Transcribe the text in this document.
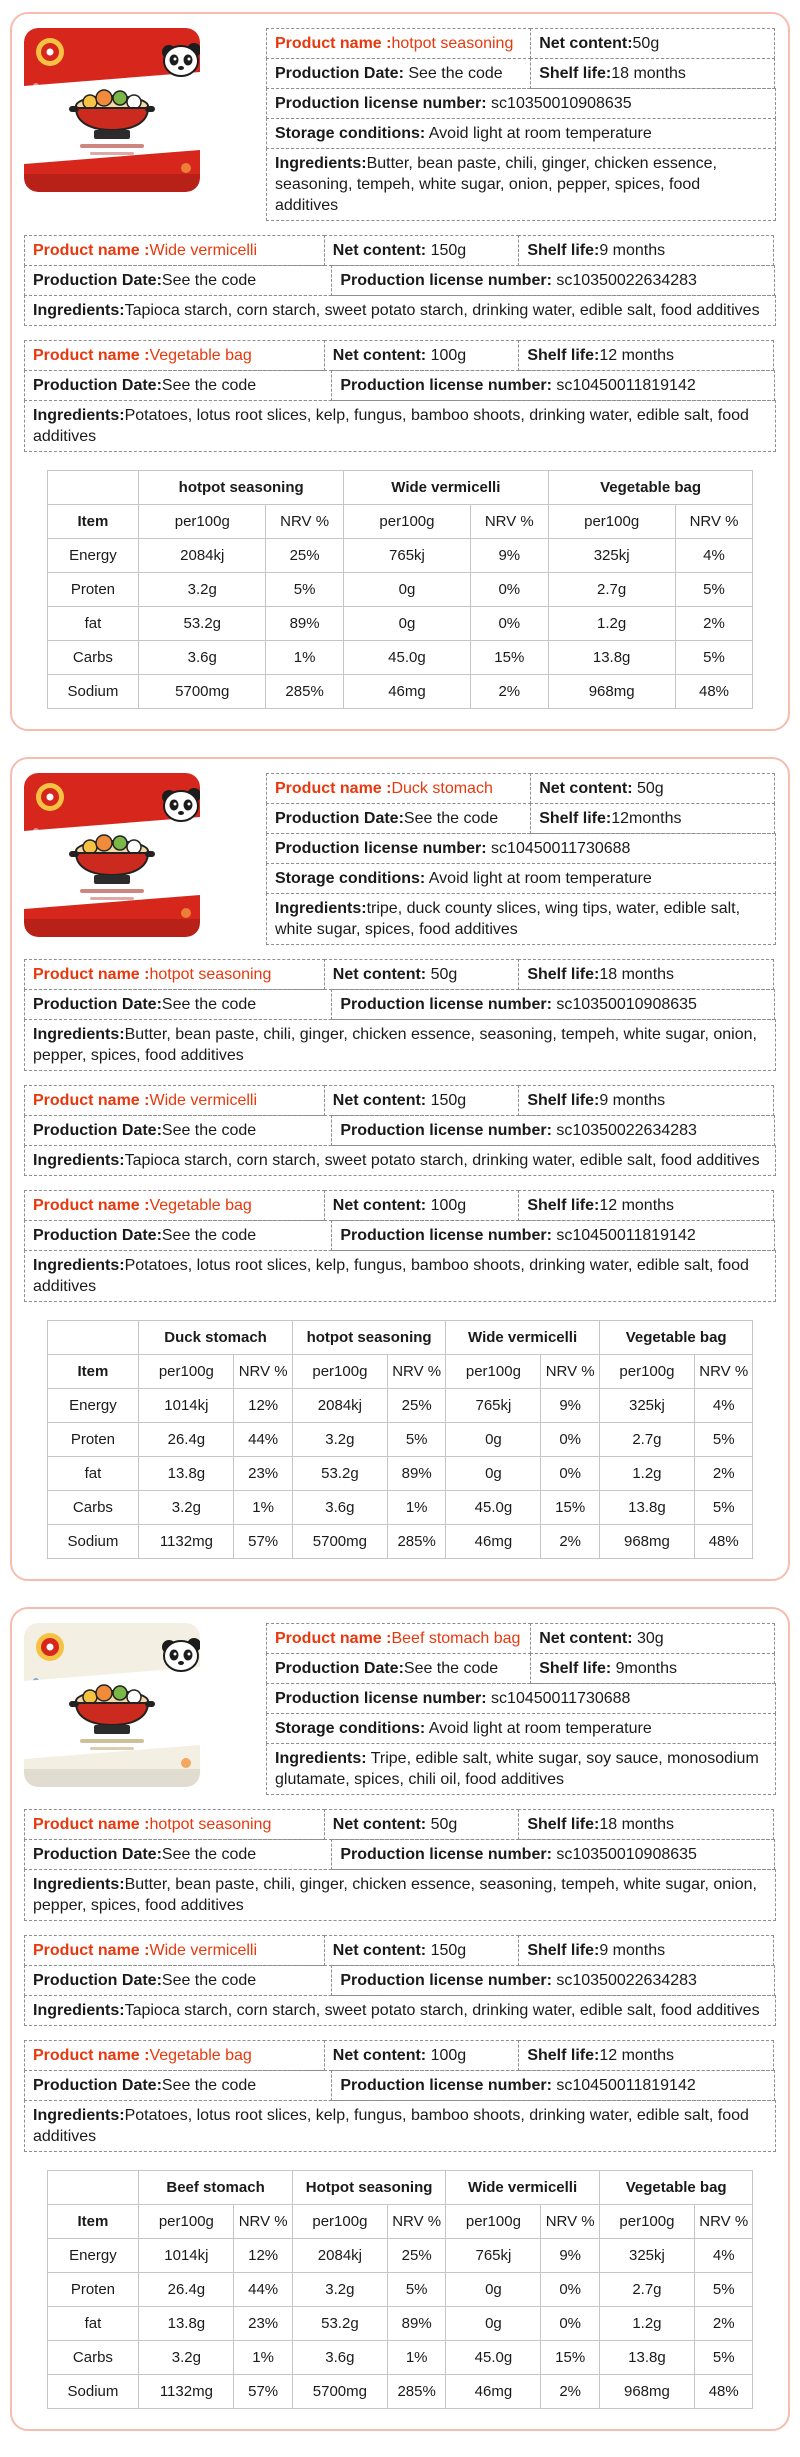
Product name :hotpot seasoning	Net content:50g
Production Date: See the code	Shelf life:18 months
Production license number: sc10350010908635
Storage conditions: Avoid light at room temperature
Ingredients:Butter, bean paste, chili, ginger, chicken essence, seasoning, tempeh, white sugar, onion, pepper, spices, food additives
Product name :Wide vermicelli	Net content: 150g	Shelf life:9 months
Production Date:See the code	Production license number: sc10350022634283
Ingredients:Tapioca starch, corn starch, sweet potato starch, drinking water, edible salt, food additives
Product name :Vegetable bag	Net content: 100g	Shelf life:12 months
Production Date:See the code	Production license number: sc10450011819142
Ingredients:Potatoes, lotus root slices, kelp, fungus, bamboo shoots, drinking water, edible salt, food additives
	hotpot seasoning		Wide vermicelli		Vegetable bag	
Item	per100g	NRV %	per100g	NRV %	per100g	NRV %
Energy	2084kj	25%	765kj	9%	325kj	4%
Proten	3.2g	5%	0g	0%	2.7g	5%
fat	53.2g	89%	0g	0%	1.2g	2%
Carbs	3.6g	1%	45.0g	15%	13.8g	5%
Sodium	5700mg	285%	46mg	2%	968mg	48%
Product name :Duck stomach	Net content: 50g
Production Date:See the code	Shelf life:12months
Production license number: sc10450011730688
Storage conditions: Avoid light at room temperature
Ingredients:tripe, duck county slices, wing tips, water, edible salt, white sugar, spices, food additives
Product name :hotpot seasoning	Net content: 50g	Shelf life:18 months
Production Date:See the code	Production license number: sc10350010908635
Ingredients:Butter, bean paste, chili, ginger, chicken essence, seasoning, tempeh, white sugar, onion, pepper, spices, food additives
Product name :Wide vermicelli	Net content: 150g	Shelf life:9 months
Production Date:See the code	Production license number: sc10350022634283
Ingredients:Tapioca starch, corn starch, sweet potato starch, drinking water, edible salt, food additives
Product name :Vegetable bag	Net content: 100g	Shelf life:12 months
Production Date:See the code	Production license number: sc10450011819142
Ingredients:Potatoes, lotus root slices, kelp, fungus, bamboo shoots, drinking water, edible salt, food additives
	Duck stomach		hotpot seasoning		Wide vermicelli		Vegetable bag	
Item	per100g	NRV %	per100g	NRV %	per100g	NRV %	per100g	NRV %
Energy	1014kj	12%	2084kj	25%	765kj	9%	325kj	4%
Proten	26.4g	44%	3.2g	5%	0g	0%	2.7g	5%
fat	13.8g	23%	53.2g	89%	0g	0%	1.2g	2%
Carbs	3.2g	1%	3.6g	1%	45.0g	15%	13.8g	5%
Sodium	1132mg	57%	5700mg	285%	46mg	2%	968mg	48%
Product name :Beef stomach bag	Net content: 30g
Production Date:See the code	Shelf life: 9months
Production license number: sc10450011730688
Storage conditions: Avoid light at room temperature
Ingredients: Tripe, edible salt, white sugar, soy sauce, monosodium glutamate, spices, chili oil, food additives
Product name :hotpot seasoning	Net content: 50g	Shelf life:18 months
Production Date:See the code	Production license number: sc10350010908635
Ingredients:Butter, bean paste, chili, ginger, chicken essence, seasoning, tempeh, white sugar, onion, pepper, spices, food additives
Product name :Wide vermicelli	Net content: 150g	Shelf life:9 months
Production Date:See the code	Production license number: sc10350022634283
Ingredients:Tapioca starch, corn starch, sweet potato starch, drinking water, edible salt, food additives
Product name :Vegetable bag	Net content: 100g	Shelf life:12 months
Production Date:See the code	Production license number: sc10450011819142
Ingredients:Potatoes, lotus root slices, kelp, fungus, bamboo shoots, drinking water, edible salt, food additives
	Beef stomach		Hotpot seasoning		Wide vermicelli		Vegetable bag	
Item	per100g	NRV %	per100g	NRV %	per100g	NRV %	per100g	NRV %
Energy	1014kj	12%	2084kj	25%	765kj	9%	325kj	4%
Proten	26.4g	44%	3.2g	5%	0g	0%	2.7g	5%
fat	13.8g	23%	53.2g	89%	0g	0%	1.2g	2%
Carbs	3.2g	1%	3.6g	1%	45.0g	15%	13.8g	5%
Sodium	1132mg	57%	5700mg	285%	46mg	2%	968mg	48%
